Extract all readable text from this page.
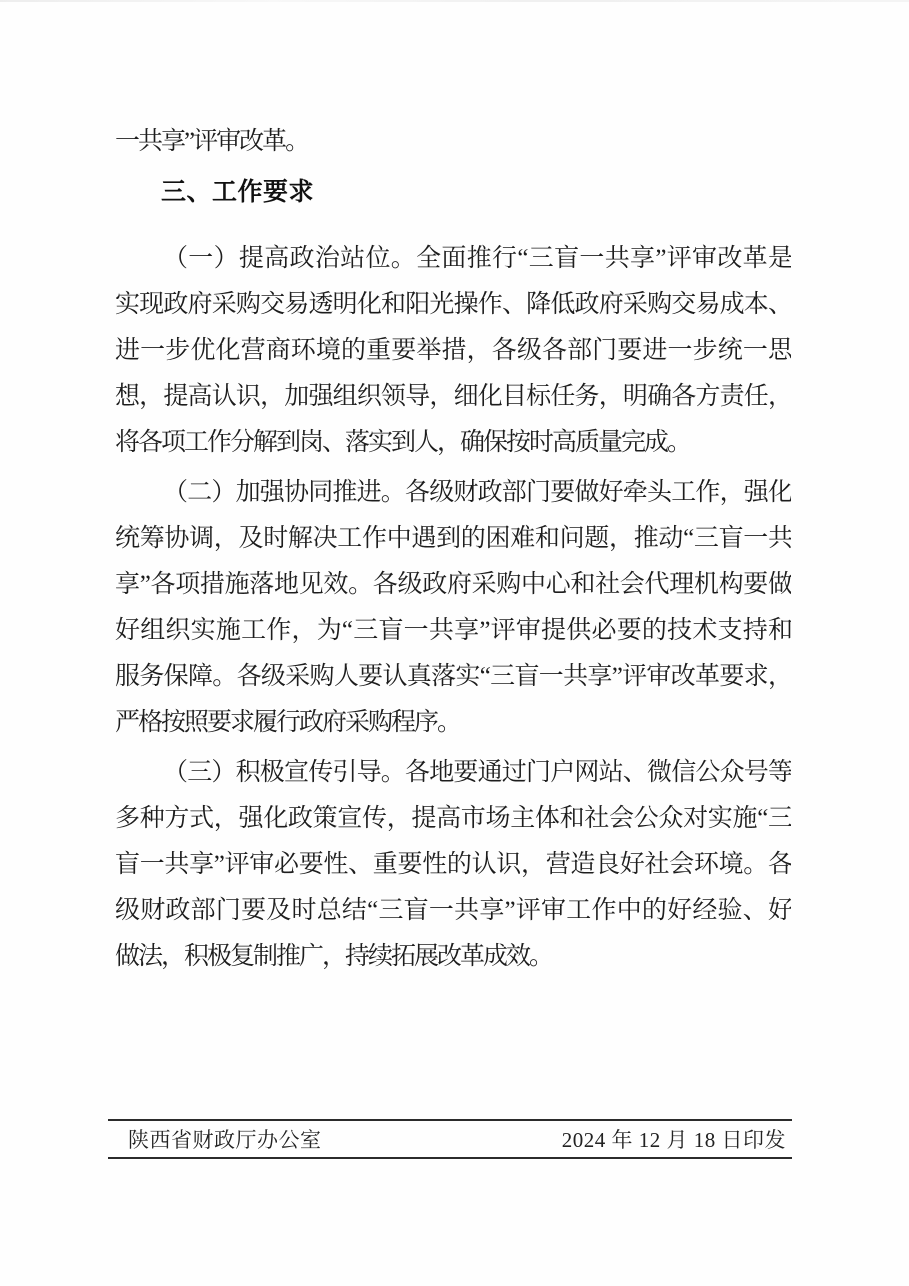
一共享”评审改革。
三、工作要求
（一）提高政治站位。全面推行“三盲一共享”评审改革是
实现政府采购交易透明化和阳光操作、降低政府采购交易成本、
进一步优化营商环境的重要举措，各级各部门要进一步统一思
想，提高认识，加强组织领导，细化目标任务，明确各方责任，
将各项工作分解到岗、落实到人，确保按时高质量完成。
（二）加强协同推进。各级财政部门要做好牵头工作，强化
统筹协调，及时解决工作中遇到的困难和问题，推动“三盲一共
享”各项措施落地见效。各级政府采购中心和社会代理机构要做
好组织实施工作，为“三盲一共享”评审提供必要的技术支持和
服务保障。各级采购人要认真落实“三盲一共享”评审改革要求，
严格按照要求履行政府采购程序。
（三）积极宣传引导。各地要通过门户网站、微信公众号等
多种方式，强化政策宣传，提高市场主体和社会公众对实施“三
盲一共享”评审必要性、重要性的认识，营造良好社会环境。各
级财政部门要及时总结“三盲一共享”评审工作中的好经验、好
做法，积极复制推广，持续拓展改革成效。
陕西省财政厅办公室	2024 年 12 月 18 日印发
